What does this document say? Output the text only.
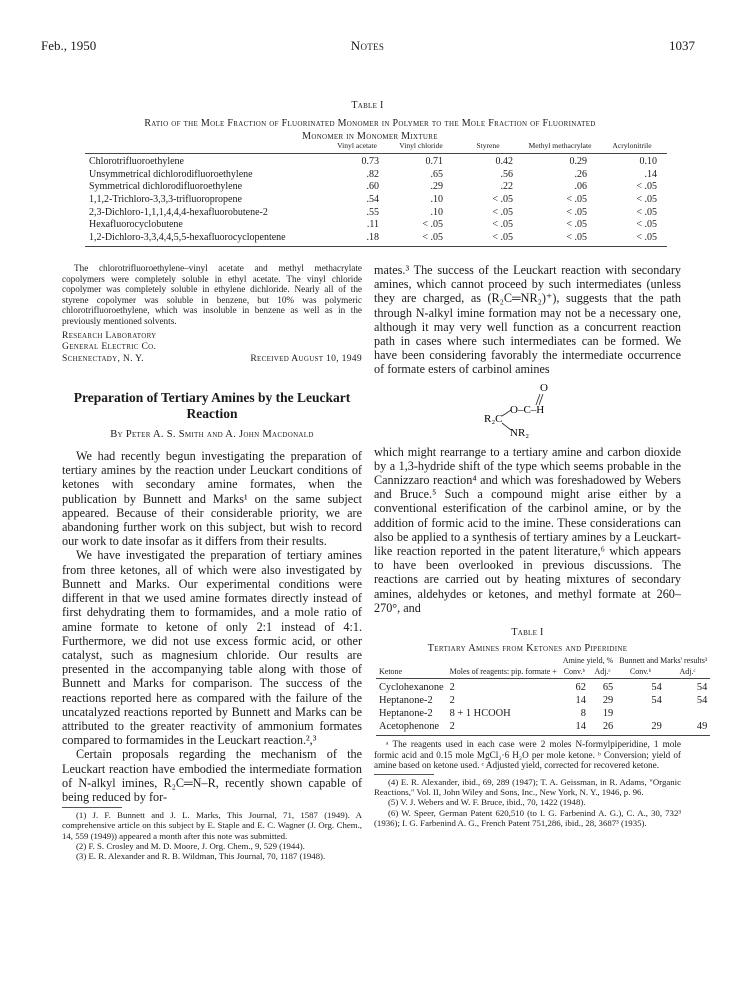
Feb., 1950	Notes	1037
Table I
Ratio of the Mole Fraction of Fluorinated Monomer in Polymer to the Mole Fraction of Fluorinated
Monomer in Monomer Mixture
	Vinyl acetate	Vinyl chloride	Styrene	Methyl methacrylate	Acrylonitrile
Chlorotrifluoroethylene	0.73	0.71	0.42	0.29	0.10
Unsymmetrical dichlorodifluoroethylene	.82	.65	.56	.26	.14
Symmetrical dichlorodifluoroethylene	.60	.29	.22	.06	< .05
1,1,2-Trichloro-3,3,3-trifluoropropene	.54	.10	< .05	< .05	< .05
2,3-Dichloro-1,1,1,4,4,4-hexafluorobutene-2	.55	.10	< .05	< .05	< .05
Hexafluorocyclobutene	.11	< .05	< .05	< .05	< .05
1,2-Dichloro-3,3,4,4,5,5-hexafluorocyclopentene	.18	< .05	< .05	< .05	< .05

The chlorotrifluoroethylene–vinyl acetate and methyl methacrylate copolymers were completely soluble in ethyl acetate. The vinyl chloride copolymer was completely soluble in ethylene dichloride. Nearly all of the styrene copolymer was soluble in benzene, but 10% was polymeric chlorotrifluoroethylene, which was insoluble in benzene as well as in the previously mentioned solvents.

Research Laboratory
General Electric Co.
Schenectady, N. Y.	Received August 10, 1949
Preparation of Tertiary Amines by the Leuckart
Reaction
By Peter A. S. Smith and A. John Macdonald

We had recently begun investigating the preparation of tertiary amines by the reaction under Leuckart conditions of ketones with secondary amine formates, when the publication by Bunnett and Marks¹ on the same subject appeared. Because of their considerable priority, we are abandoning further work on this subject, but wish to record our work to date insofar as it differs from their results.

We have investigated the preparation of tertiary amines from three ketones, all of which were also investigated by Bunnett and Marks. Our experimental conditions were different in that we used amine formates directly instead of first dehydrating them to formamides, and a mole ratio of amine formate to ketone of only 2:1 instead of 4:1. Furthermore, we did not use excess formic acid, or other catalyst, such as magnesium chloride. Our results are presented in the accompanying table along with those of Bunnett and Marks for comparison. The success of the reactions reported here as compared with the failure of the uncatalyzed reactions reported by Bunnett and Marks can be attributed to the greater reactivity of ammonium formates compared to formamides in the Leuckart reaction.²,³

Certain proposals regarding the mechanism of the Leuckart reaction have embodied the intermediate formation of N-alkyl imines, R₂C═N–R, recently shown capable of being reduced by for-

(1) J. F. Bunnett and J. L. Marks, This Journal, 71, 1587 (1949). A comprehensive article on this subject by E. Staple and E. C. Wagner (J. Org. Chem., 14, 559 (1949)) appeared a month after this note was submitted.

(2) F. S. Crosley and M. D. Moore, J. Org. Chem., 9, 529 (1944).

(3) E. R. Alexander and R. B. Wildman, This Journal, 70, 1187 (1948).

mates.³ The success of the Leuckart reaction with secondary amines, which cannot proceed by such intermediates (unless they are charged, as (R₂C═NR₂)⁺), suggests that the path through N-alkyl imine formation may not be a necessary one, although it may very well function as a concurrent reaction path in cases where such intermediates can be formed. We have been considering favorably the intermediate occurrence of formate esters of carbinol amines

O
O–C–H
R₂C
NR₂

which might rearrange to a tertiary amine and carbon dioxide by a 1,3-hydride shift of the type which seems probable in the Cannizzaro reaction⁴ and which was foreshadowed by Webers and Bruce.⁵ Such a compound might arise either by a conventional esterification of the carbinol amine, or by the addition of formic acid to the imine. These considerations can also be applied to a synthesis of tertiary amines by a Leuckart-like reaction reported in the patent literature,⁶ which appears to have been overlooked in previous discussions. The reactions are carried out by heating mixtures of secondary amines, aldehydes or ketones, and methyl formate at 260–270°, and

Table I
Tertiary Amines from Ketones and Piperidine
Ketone	Moles of reagents: pip. formate +	Amine yield, %		Bunnett and Marks' results³	
		Conv.ᵇ	Adj.ᶜ	Conv.ᵇ	Adj.ᶜ
Cyclohexanone	2	62	65	54	54
Heptanone-2	2	14	29	54	54
Heptanone-2	8 + 1 HCOOH	8	19		
Acetophenone	2	14	26	29	49

ᵃ The reagents used in each case were 2 moles N-formylpiperidine, 1 mole formic acid and 0.15 mole MgCl₂·6 H₂O per mole ketone. ᵇ Conversion; yield of amine based on ketone used. ᶜ Adjusted yield, corrected for recovered ketone.

(4) E. R. Alexander, ibid., 69, 289 (1947); T. A. Geissman, in R. Adams, "Organic Reactions," Vol. II, John Wiley and Sons, Inc., New York, N. Y., 1946, p. 96.

(5) V. J. Webers and W. F. Bruce, ibid., 70, 1422 (1948).

(6) W. Speer, German Patent 620,510 (to I. G. Farbenind A. G.), C. A., 30, 732³ (1936); I. G. Farbenind A. G., French Patent 751,286, ibid., 28, 3687³ (1935).
